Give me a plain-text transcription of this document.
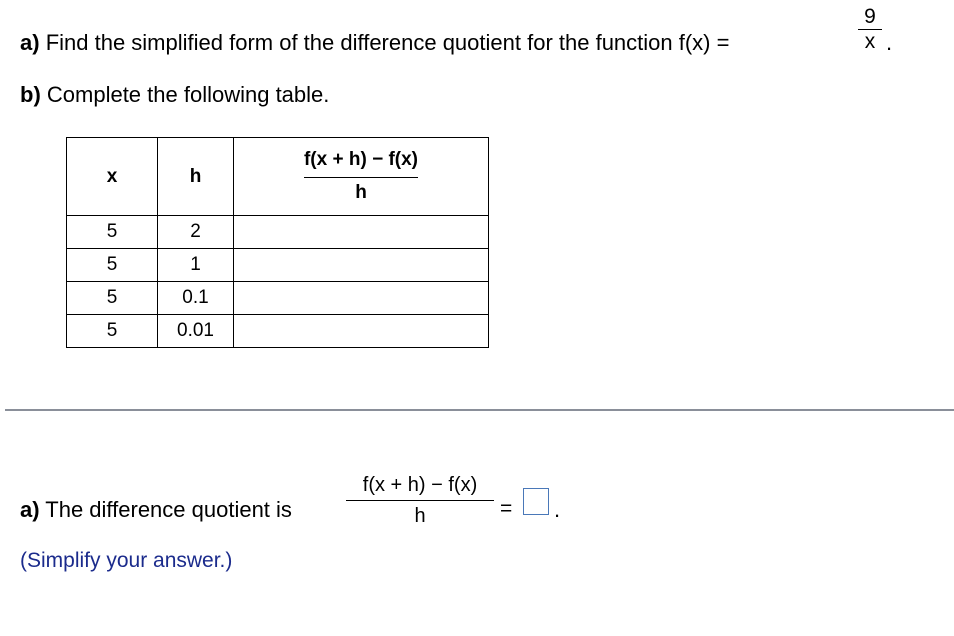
a) Find the simplified form of the difference quotient for the function f(x) =
9
x .
b) Complete the following table.
x	h	$\frac{f(x + h) - f(x)}{h}$

5	2	
5	1	
5	0.1	
5	0.01	
a) The difference quotient is
f(x + h) − f(x)
h	= .
(Simplify your answer.)
